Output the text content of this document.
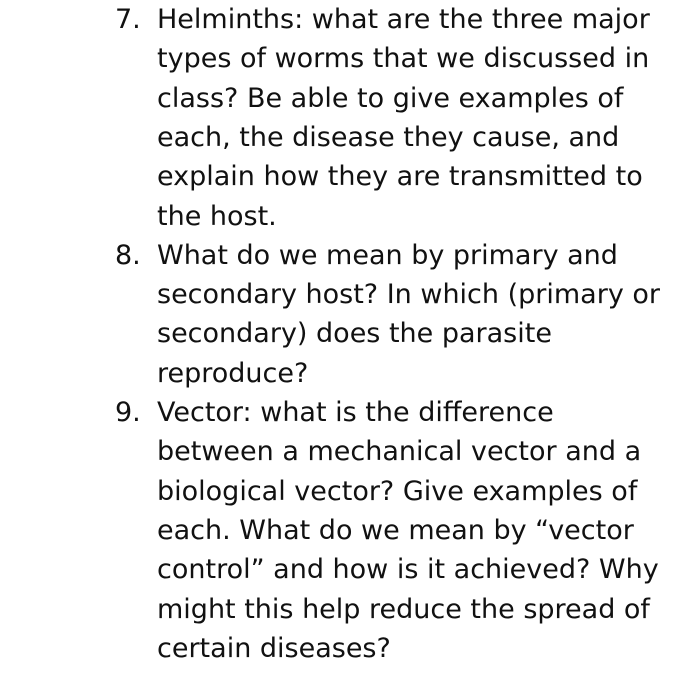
7. Helminths: what are the three major
types of worms that we discussed in
class? Be able to give examples of
each, the disease they cause, and
explain how they are transmitted to
the host.
8. What do we mean by primary and
secondary host? In which (primary or
secondary) does the parasite
reproduce?
9. Vector: what is the difference
between a mechanical vector and a
biological vector? Give examples of
each. What do we mean by “vector
control” and how is it achieved? Why
might this help reduce the spread of
certain diseases?
